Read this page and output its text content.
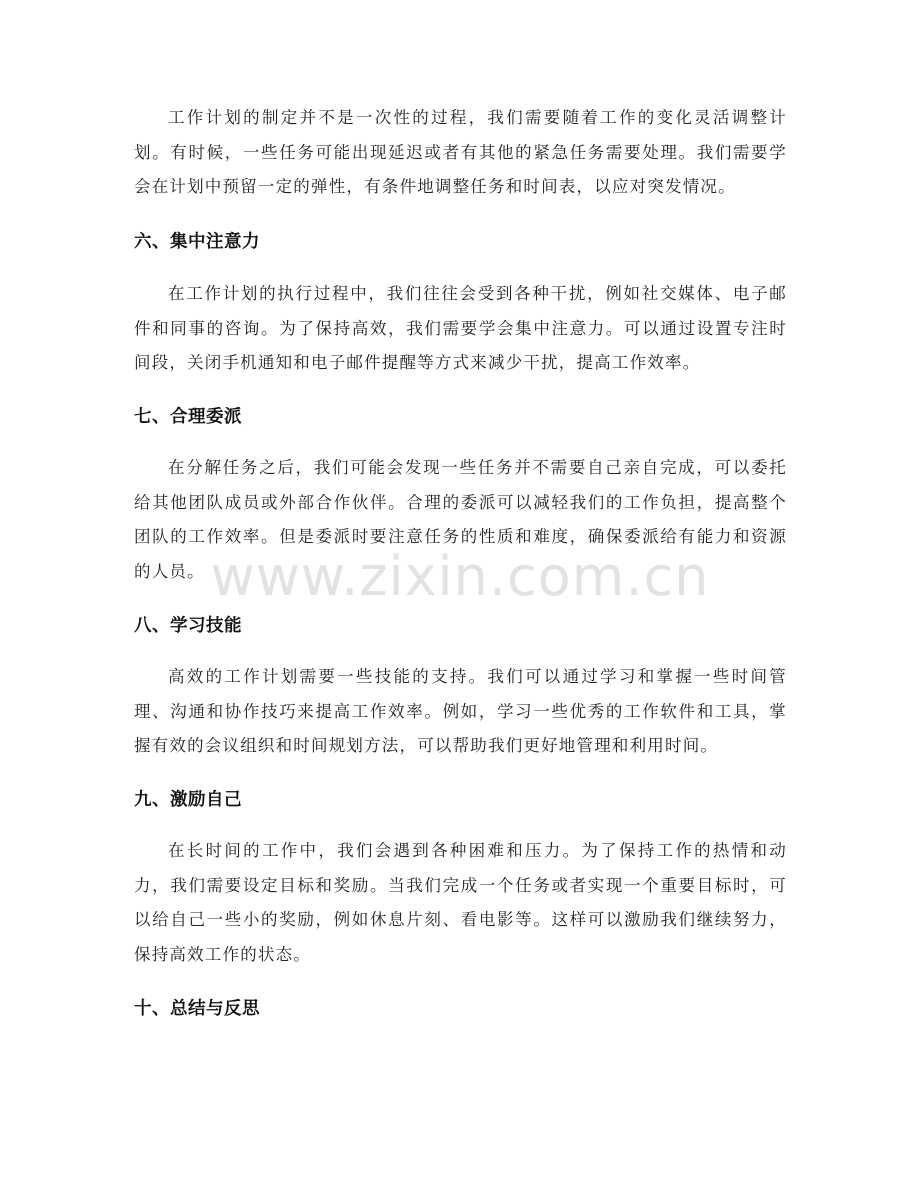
工作计划的制定并不是一次性的过程，我们需要随着工作的变化灵活调整计划。有时候，一些任务可能出现延迟或者有其他的紧急任务需要处理。我们需要学会在计划中预留一定的弹性，有条件地调整任务和时间表，以应对突发情况。

六、集中注意力

在工作计划的执行过程中，我们往往会受到各种干扰，例如社交媒体、电子邮件和同事的咨询。为了保持高效，我们需要学会集中注意力。可以通过设置专注时间段，关闭手机通知和电子邮件提醒等方式来减少干扰，提高工作效率。

七、合理委派

在分解任务之后，我们可能会发现一些任务并不需要自己亲自完成，可以委托给其他团队成员或外部合作伙伴。合理的委派可以减轻我们的工作负担，提高整个团队的工作效率。但是委派时要注意任务的性质和难度，确保委派给有能力和资源的人员。

八、学习技能

高效的工作计划需要一些技能的支持。我们可以通过学习和掌握一些时间管理、沟通和协作技巧来提高工作效率。例如，学习一些优秀的工作软件和工具，掌握有效的会议组织和时间规划方法，可以帮助我们更好地管理和利用时间。

九、激励自己

在长时间的工作中，我们会遇到各种困难和压力。为了保持工作的热情和动力，我们需要设定目标和奖励。当我们完成一个任务或者实现一个重要目标时，可以给自己一些小的奖励，例如休息片刻、看电影等。这样可以激励我们继续努力，保持高效工作的状态。

十、总结与反思
www.zixin.com.cn
